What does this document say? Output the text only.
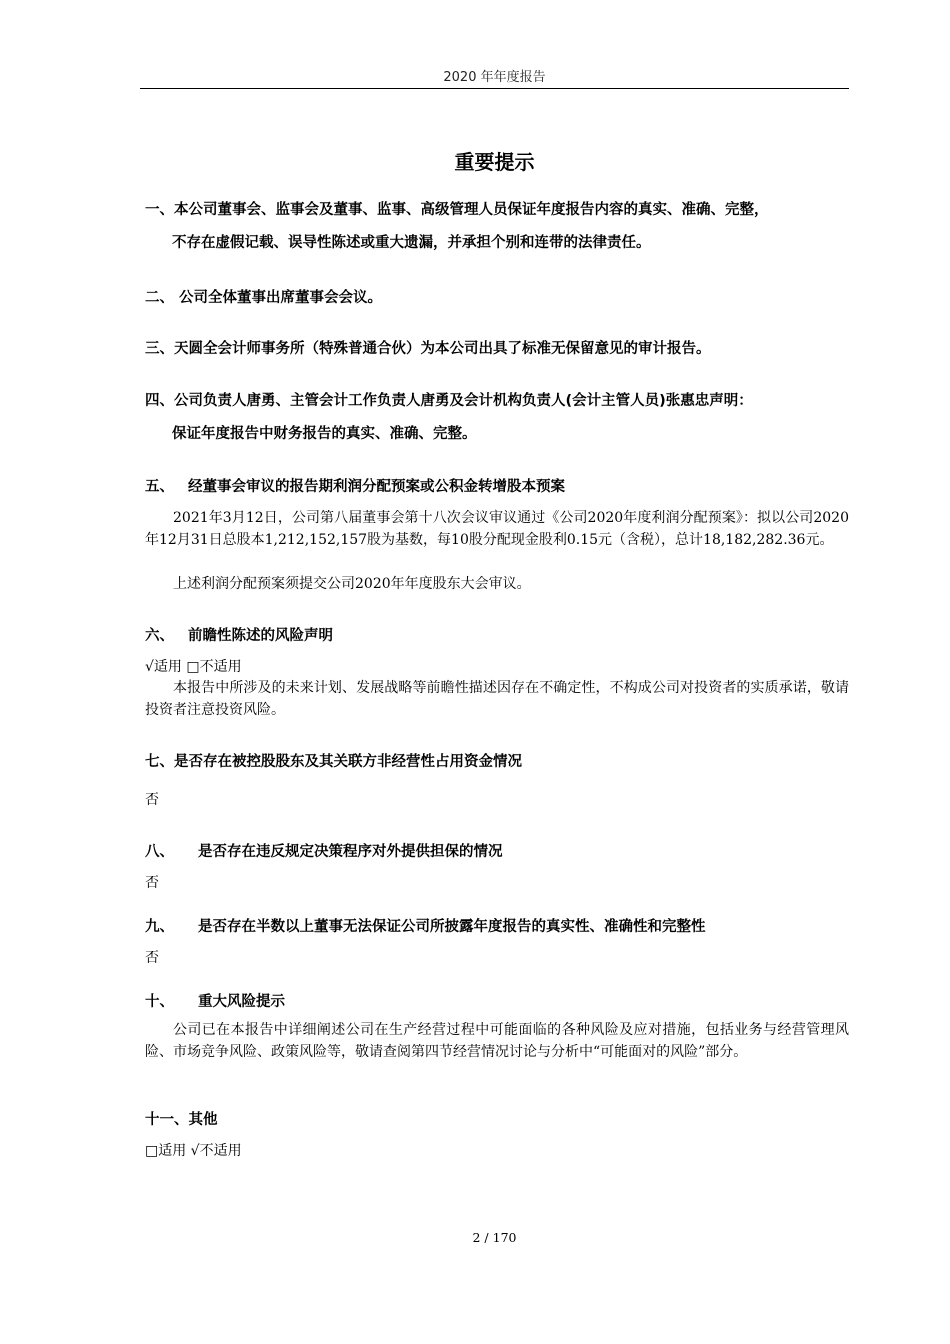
2020 年年度报告
重要提示
一、本公司董事会、监事会及董事、监事、高级管理人员保证年度报告内容的真实、准确、完整，
不存在虚假记载、误导性陈述或重大遗漏，并承担个别和连带的法律责任。
二、 公司全体董事出席董事会会议。
三、天圆全会计师事务所（特殊普通合伙）为本公司出具了标准无保留意见的审计报告。
四、公司负责人唐勇、主管会计工作负责人唐勇及会计机构负责人(会计主管人员)张惠忠声明：
保证年度报告中财务报告的真实、准确、完整。
五、 经董事会审议的报告期利润分配预案或公积金转增股本预案
2021年3月12日，公司第八届董事会第十八次会议审议通过《公司2020年度利润分配预案》：拟以公司2020年12月31日总股本1,212,152,157股为基数，每10股分配现金股利0.15元（含税），总计18,182,282.36元。
上述利润分配预案须提交公司2020年年度股东大会审议。
六、 前瞻性陈述的风险声明
√适用 □不适用
本报告中所涉及的未来计划、发展战略等前瞻性描述因存在不确定性，不构成公司对投资者的实质承诺，敬请投资者注意投资风险。
七、是否存在被控股股东及其关联方非经营性占用资金情况
否
八、 是否存在违反规定决策程序对外提供担保的情况
否
九、 是否存在半数以上董事无法保证公司所披露年度报告的真实性、准确性和完整性
否
十、 重大风险提示
公司已在本报告中详细阐述公司在生产经营过程中可能面临的各种风险及应对措施，包括业务与经营管理风险、市场竞争风险、政策风险等，敬请查阅第四节经营情况讨论与分析中“可能面对的风险”部分。
十一、其他
□适用 √不适用
2 / 170
